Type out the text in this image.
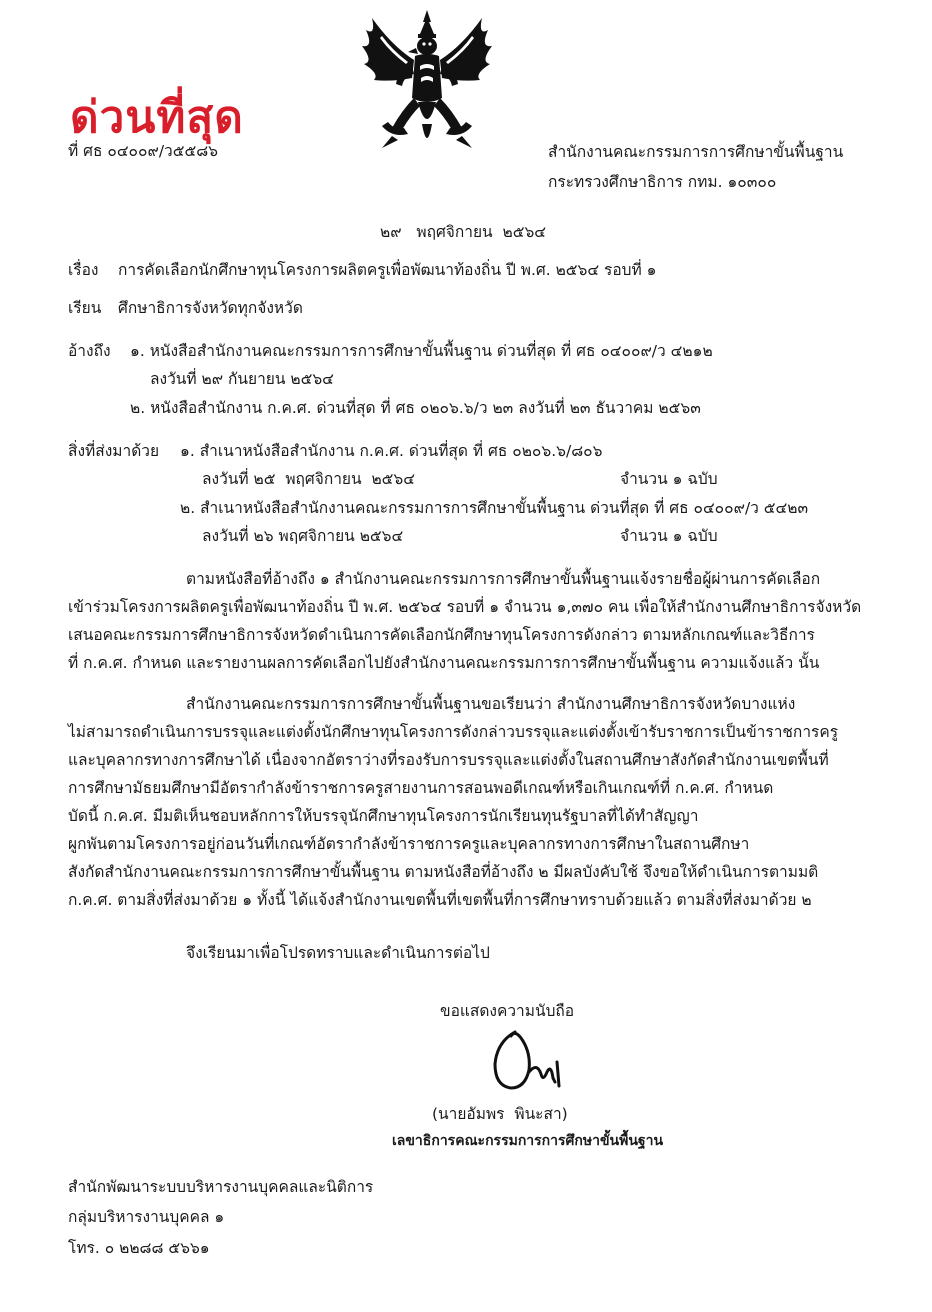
ด่วนที่สุด
ที่ ศธ ๐๔๐๐๙/ว๕๕๘๖	สำนักงานคณะกรรมการการศึกษาขั้นพื้นฐาน
กระทรวงศึกษาธิการ กทม. ๑๐๓๐๐
๒๙   พฤศจิกายน  ๒๕๖๔
เรื่อง การคัดเลือกนักศึกษาทุนโครงการผลิตครูเพื่อพัฒนาท้องถิ่น ปี พ.ศ. ๒๕๖๔ รอบที่ ๑
เรียน ศึกษาธิการจังหวัดทุกจังหวัด
อ้างถึง ๑. หนังสือสำนักงานคณะกรรมการการศึกษาขั้นพื้นฐาน ด่วนที่สุด ที่ ศธ ๐๔๐๐๙/ว ๔๒๑๒
ลงวันที่ ๒๙ กันยายน ๒๕๖๔
๒. หนังสือสำนักงาน ก.ค.ศ. ด่วนที่สุด ที่ ศธ ๐๒๐๖.๖/ว ๒๓ ลงวันที่ ๒๓ ธันวาคม ๒๕๖๓
สิ่งที่ส่งมาด้วย ๑. สำเนาหนังสือสำนักงาน ก.ค.ศ. ด่วนที่สุด ที่ ศธ ๐๒๐๖.๖/๘๐๖
ลงวันที่ ๒๕  พฤศจิกายน  ๒๕๖๔	จำนวน ๑ ฉบับ
๒. สำเนาหนังสือสำนักงานคณะกรรมการการศึกษาขั้นพื้นฐาน ด่วนที่สุด ที่ ศธ ๐๔๐๐๙/ว ๕๔๒๓
ลงวันที่ ๒๖ พฤศจิกายน ๒๕๖๔	จำนวน ๑ ฉบับ
ตามหนังสือที่อ้างถึง ๑ สำนักงานคณะกรรมการการศึกษาขั้นพื้นฐานแจ้งรายชื่อผู้ผ่านการคัดเลือก
เข้าร่วมโครงการผลิตครูเพื่อพัฒนาท้องถิ่น ปี พ.ศ. ๒๕๖๔ รอบที่ ๑ จำนวน ๑,๓๗๐ คน เพื่อให้สำนักงานศึกษาธิการจังหวัด
เสนอคณะกรรมการศึกษาธิการจังหวัดดำเนินการคัดเลือกนักศึกษาทุนโครงการดังกล่าว ตามหลักเกณฑ์และวิธีการ
ที่ ก.ค.ศ. กำหนด และรายงานผลการคัดเลือกไปยังสำนักงานคณะกรรมการการศึกษาขั้นพื้นฐาน ความแจ้งแล้ว นั้น
สำนักงานคณะกรรมการการศึกษาขั้นพื้นฐานขอเรียนว่า สำนักงานศึกษาธิการจังหวัดบางแห่ง
ไม่สามารถดำเนินการบรรจุและแต่งตั้งนักศึกษาทุนโครงการดังกล่าวบรรจุและแต่งตั้งเข้ารับราชการเป็นข้าราชการครู
และบุคลากรทางการศึกษาได้ เนื่องจากอัตราว่างที่รองรับการบรรจุและแต่งตั้งในสถานศึกษาสังกัดสำนักงานเขตพื้นที่
การศึกษามัธยมศึกษามีอัตรากำลังข้าราชการครูสายงานการสอนพอดีเกณฑ์หรือเกินเกณฑ์ที่ ก.ค.ศ. กำหนด
บัดนี้ ก.ค.ศ. มีมติเห็นชอบหลักการให้บรรจุนักศึกษาทุนโครงการนักเรียนทุนรัฐบาลที่ได้ทำสัญญา
ผูกพันตามโครงการอยู่ก่อนวันที่เกณฑ์อัตรากำลังข้าราชการครูและบุคลากรทางการศึกษาในสถานศึกษา
สังกัดสำนักงานคณะกรรมการการศึกษาขั้นพื้นฐาน ตามหนังสือที่อ้างถึง ๒ มีผลบังคับใช้ จึงขอให้ดำเนินการตามมติ
ก.ค.ศ. ตามสิ่งที่ส่งมาด้วย ๑ ทั้งนี้ ได้แจ้งสำนักงานเขตพื้นที่เขตพื้นที่การศึกษาทราบด้วยแล้ว ตามสิ่งที่ส่งมาด้วย ๒
จึงเรียนมาเพื่อโปรดทราบและดำเนินการต่อไป
ขอแสดงความนับถือ
(นายอัมพร  พินะสา)
เลขาธิการคณะกรรมการการศึกษาขั้นพื้นฐาน
สำนักพัฒนาระบบบริหารงานบุคคลและนิติการ
กลุ่มบริหารงานบุคคล ๑
โทร. ๐ ๒๒๘๘ ๕๖๖๑
